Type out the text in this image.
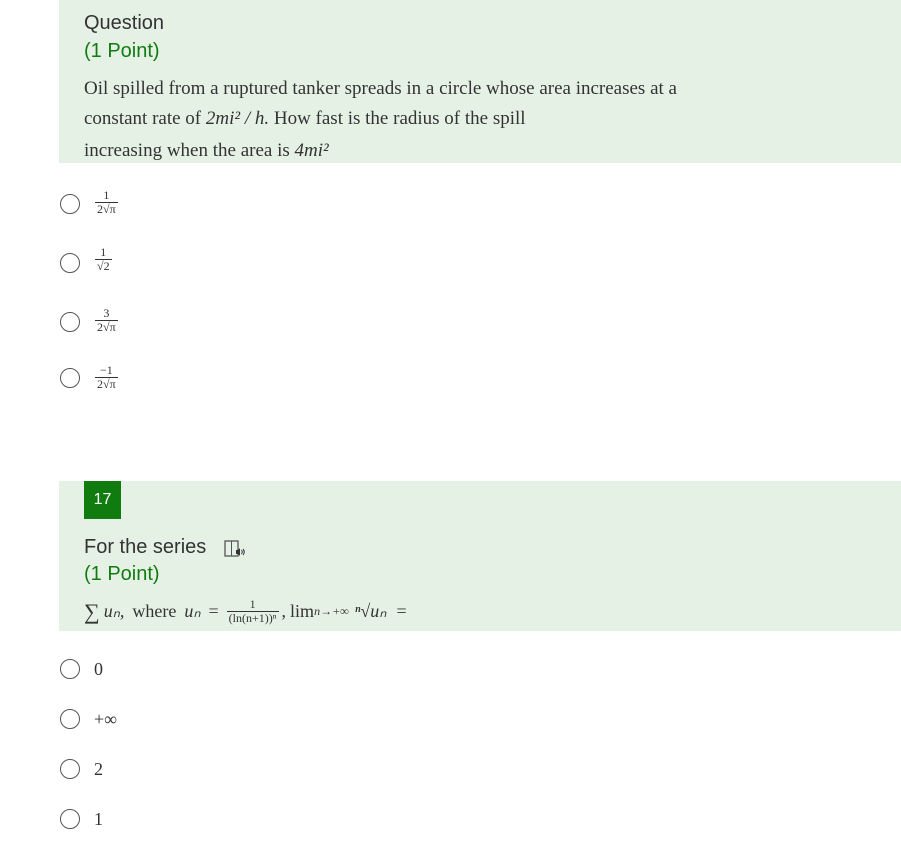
Question
(1 Point)
Oil spilled from a ruptured tanker spreads in a circle whose area increases at a
constant rate of 2mi² / h. How fast is the radius of the spill
increasing when the area is 4mi²
$\frac{1}{2√\pi}$
$\frac{1}{√2}$
$\frac{3}{2√\pi}$
$\frac{-1}{2√\pi}$
17
For the series
(1 Point)
∑ uₙ, where $u_n = \frac{1}{\text{(ln(n+1))ⁿ}}$ , lim n→+∞ ⁿ√uₙ =
0
+∞
2
1
